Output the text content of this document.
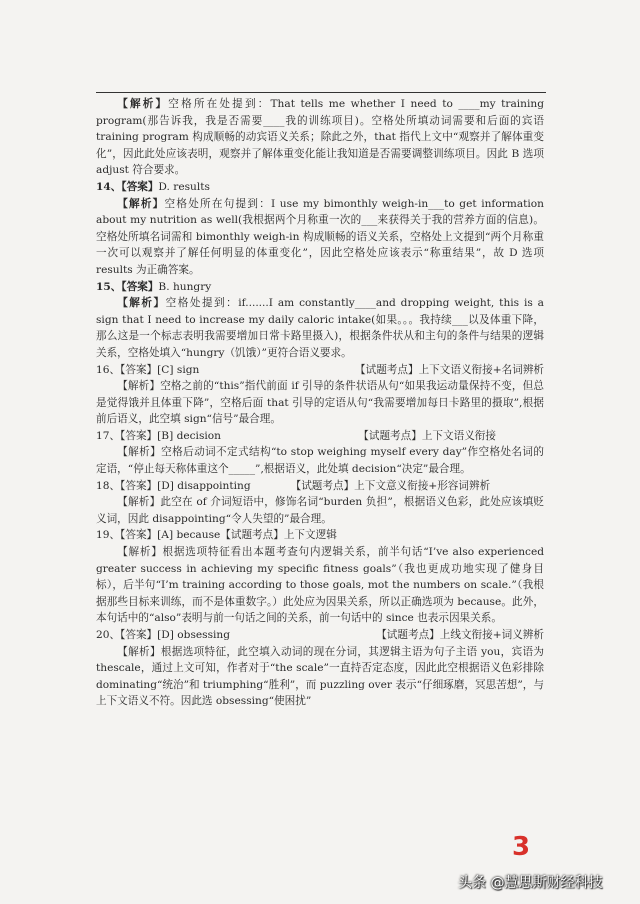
【解析】空格所在处提到：That tells me whether I need to ____my training program(那告诉我，我是否需要____我的训练项目)。空格处所填动词需要和后面的宾语 training program 构成顺畅的动宾语义关系；除此之外，that 指代上文中“观察并了解体重变化”，因此此处应该表明，观察并了解体重变化能让我知道是否需要调整训练项目。因此 B 选项 adjust 符合要求。

14、【答案】D. results

【解析】空格处所在句提到：I use my bimonthly weigh-in___to get information about my nutrition as well(我根据两个月称重一次的___来获得关于我的营养方面的信息)。空格处所填名词需和 bimonthly weigh-in 构成顺畅的语义关系，空格处上文提到“两个月称重一次可以观察并了解任何明显的体重变化”，因此空格处应该表示“称重结果”，故 D 选项 results 为正确答案。

15、【答案】B. hungry

【解析】空格处提到：if.......I am constantly____and dropping weight, this is a sign that I need to increase my daily caloric intake(如果。。。我持续___以及体重下降，那么这是一个标志表明我需要增加日常卡路里摄入)，根据条件状从和主句的条件与结果的逻辑关系，空格处填入“hungry（饥饿）”更符合语义要求。

16、【答案】[C] sign	【试题考点】上下文语义衔接+名词辨析

【解析】空格之前的“this”指代前面 if 引导的条件状语从句“如果我运动量保持不变，但总是觉得饿并且体重下降”，空格后面 that 引导的定语从句“我需要增加每日卡路里的摄取”,根据前后语义，此空填 sign“信号”最合理。

17、【答案】[B] decision	【试题考点】上下文语义衔接

【解析】空格后动词不定式结构“to stop weighing myself every day”作空格处名词的定语，“停止每天称体重这个_____”,根据语义，此处填 decision“决定”最合理。

18、【答案】[D] disappointing	【试题考点】上下文意义衔接+形容词辨析

【解析】此空在 of 介词短语中，修饰名词“burden 负担”，根据语义色彩，此处应该填贬义词，因此 disappointing“令人失望的”最合理。

19、【答案】[A] because【试题考点】上下文逻辑

【解析】根据选项特征看出本题考查句内逻辑关系，前半句话“I’ve also experienced greater success in achieving my specific fitness goals”（我也更成功地实现了健身目标），后半句“I’m training according to those goals, mot the numbers on scale.”（我根据那些目标来训练，而不是体重数字。）此处应为因果关系，所以正确选项为 because。此外，本句话中的“also”表明与前一句话之间的关系，前一句话中的 since 也表示因果关系。

20、【答案】[D] obsessing	【试题考点】上线文衔接+词义辨析

【解析】根据选项特征，此空填入动词的现在分词，其逻辑主语为句子主语 you，宾语为thescale，通过上文可知，作者对于“the scale”一直持否定态度，因此此空根据语义色彩排除 dominating“统治”和 triumphing“胜利”，而 puzzling over 表示“仔细琢磨，冥思苦想”，与上下文语义不符。因此选 obsessing“使困扰”

3
头条 @慧思斯财经科技
